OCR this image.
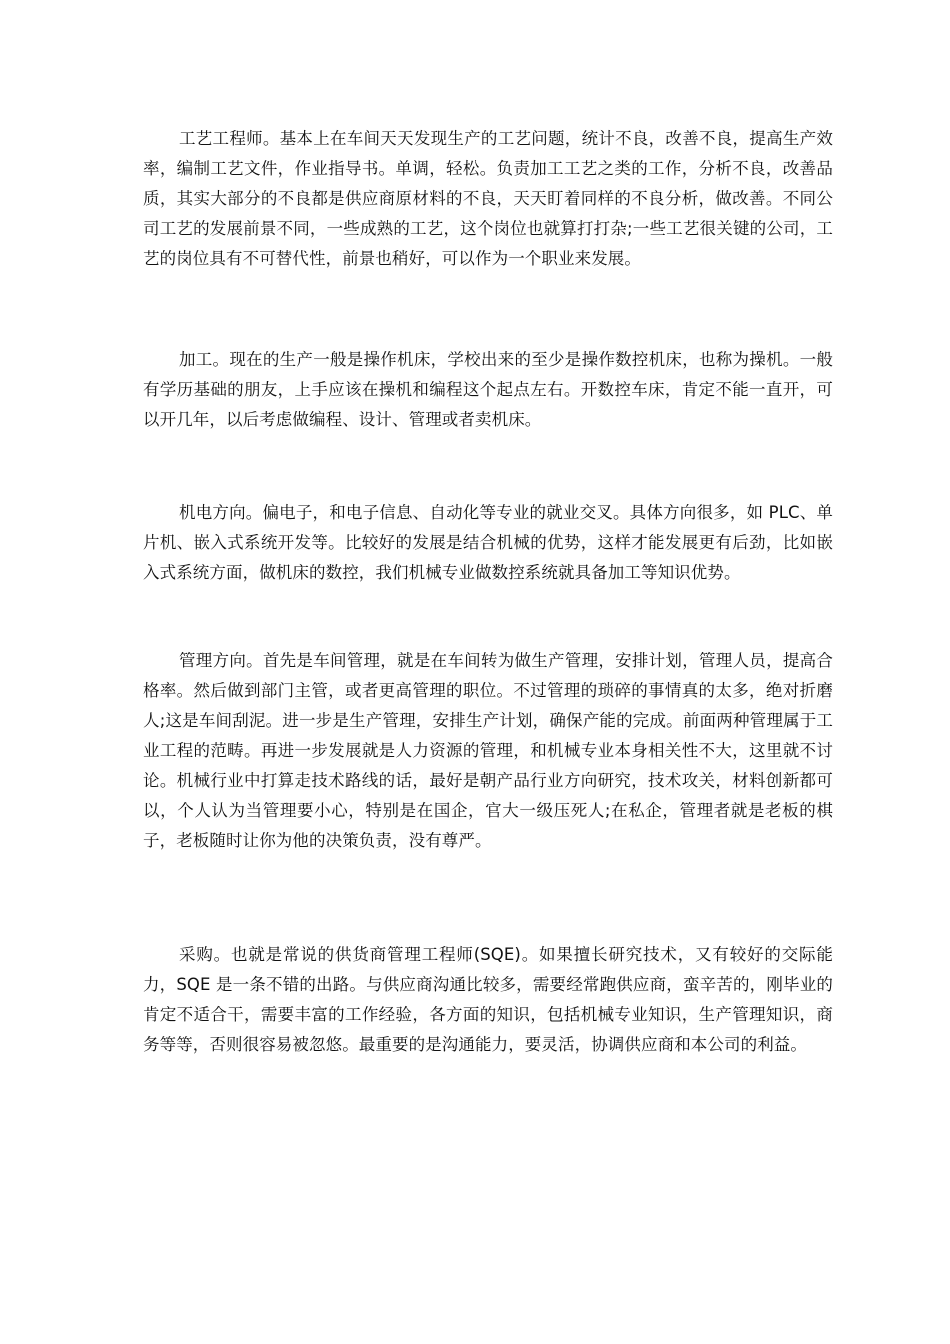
工艺工程师。基本上在车间天天发现生产的工艺问题，统计不良，改善不良，提高生产效率，编制工艺文件，作业指导书。单调，轻松。负责加工工艺之类的工作，分析不良，改善品质，其实大部分的不良都是供应商原材料的不良，天天盯着同样的不良分析，做改善。不同公司工艺的发展前景不同，一些成熟的工艺，这个岗位也就算打打杂;一些工艺很关键的公司，工艺的岗位具有不可替代性，前景也稍好，可以作为一个职业来发展。

加工。现在的生产一般是操作机床，学校出来的至少是操作数控机床，也称为操机。一般有学历基础的朋友，上手应该在操机和编程这个起点左右。开数控车床，肯定不能一直开，可以开几年，以后考虑做编程、设计、管理或者卖机床。

机电方向。偏电子，和电子信息、自动化等专业的就业交叉。具体方向很多，如 PLC、单片机、嵌入式系统开发等。比较好的发展是结合机械的优势，这样才能发展更有后劲，比如嵌入式系统方面，做机床的数控，我们机械专业做数控系统就具备加工等知识优势。

管理方向。首先是车间管理，就是在车间转为做生产管理，安排计划，管理人员，提高合格率。然后做到部门主管，或者更高管理的职位。不过管理的琐碎的事情真的太多，绝对折磨人;这是车间刮泥。进一步是生产管理，安排生产计划，确保产能的完成。前面两种管理属于工业工程的范畴。再进一步发展就是人力资源的管理，和机械专业本身相关性不大，这里就不讨论。机械行业中打算走技术路线的话，最好是朝产品行业方向研究，技术攻关，材料创新都可以，个人认为当管理要小心，特别是在国企，官大一级压死人;在私企，管理者就是老板的棋子，老板随时让你为他的决策负责，没有尊严。

采购。也就是常说的供货商管理工程师(SQE)。如果擅长研究技术，又有较好的交际能力，SQE 是一条不错的出路。与供应商沟通比较多，需要经常跑供应商，蛮辛苦的，刚毕业的肯定不适合干，需要丰富的工作经验，各方面的知识，包括机械专业知识，生产管理知识，商务等等，否则很容易被忽悠。最重要的是沟通能力，要灵活，协调供应商和本公司的利益。
